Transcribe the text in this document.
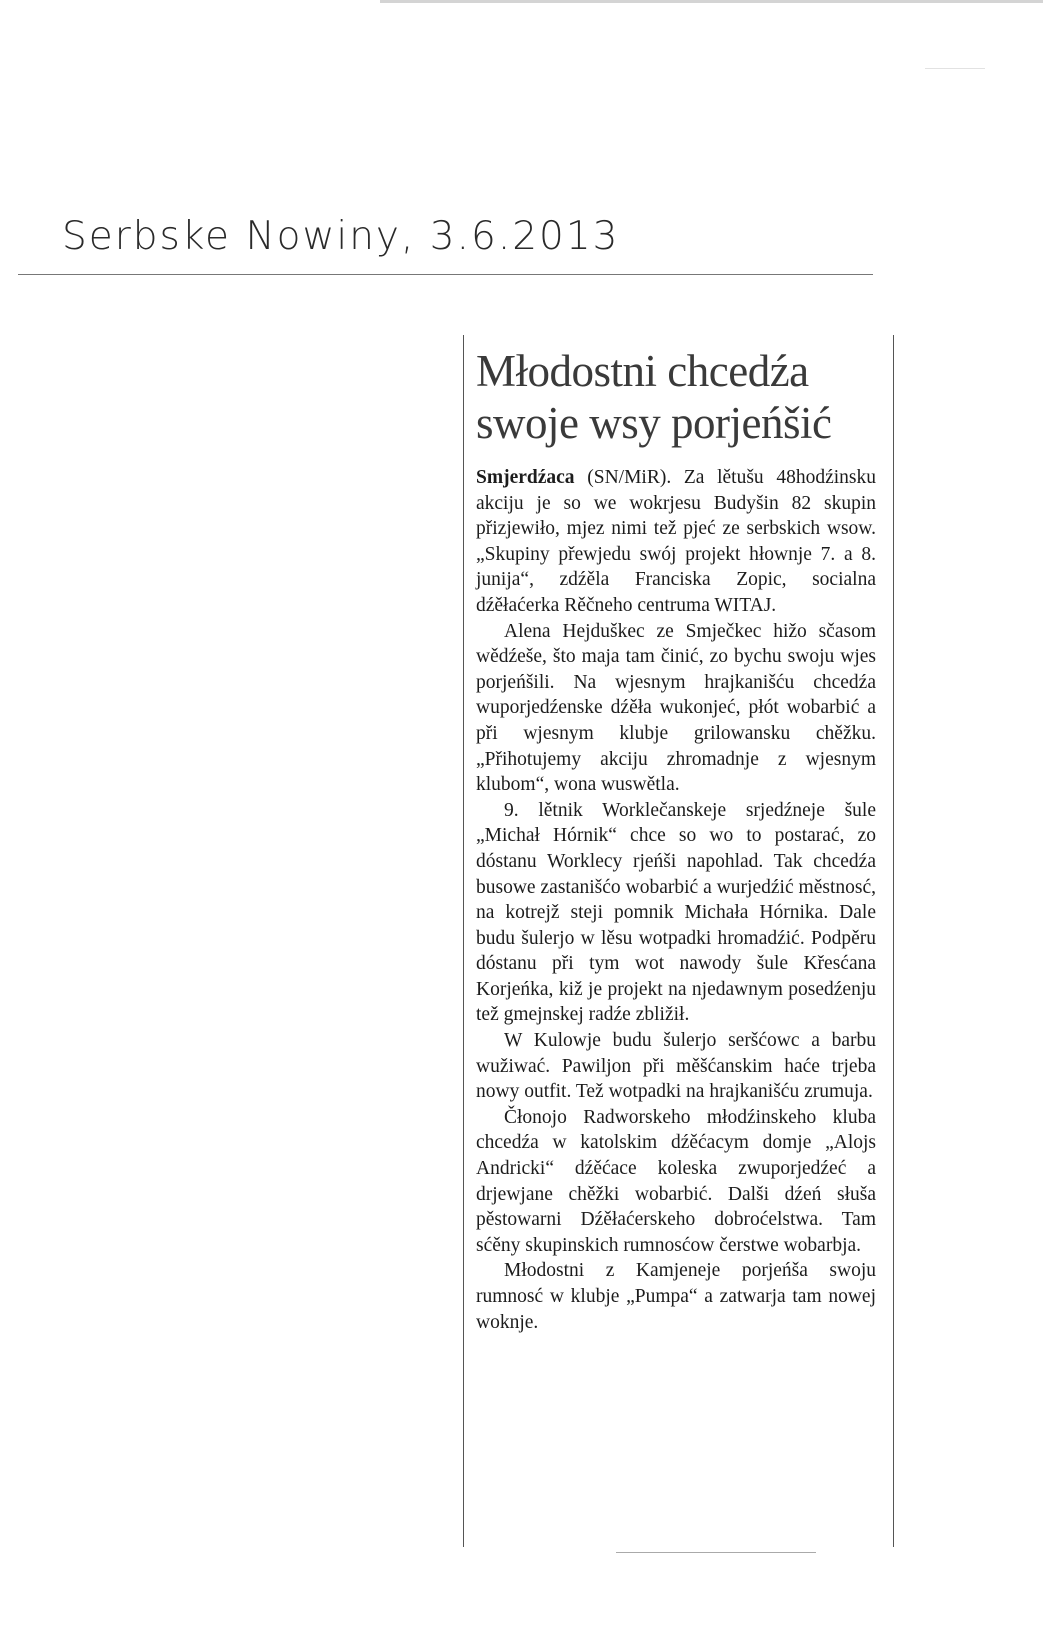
Serbske Nowiny, 3.6.2013
Młodostni chcedźa swoje wsy porjeńšić

Smjerdźaca (SN/MiR). Za lětušu 48hodźinsku akciju je so we wokrjesu Budyšin 82 skupin přizjewiło, mjez nimi tež pjeć ze serbskich wsow. „Skupiny přewjedu swój projekt hłownje 7. a 8. junija“, zdźěla Franciska Zopic, socialna dźěłaćerka Rěčneho centruma WITAJ.

Alena Hejduškec ze Smječkec hižo sčasom wědźeše, što maja tam činić, zo bychu swoju wjes porjeńšili. Na wjesnym hrajkanišću chcedźa wuporjedźenske dźěła wukonjeć, płót wobarbić a při wjesnym klubje grilowansku chěžku. „Přihotujemy akciju zhromadnje z wjesnym klubom“, wona wuswětla.

9. lětnik Worklečanskeje srjedźneje šule „Michał Hórnik“ chce so wo to postarać, zo dóstanu Worklecy rjeńši napohlad. Tak chcedźa busowe zastanišćo wobarbić a wurjedźić městnosć, na kotrejž steji pomnik Michała Hórnika. Dale budu šulerjo w lěsu wotpadki hromadźić. Podpěru dóstanu při tym wot nawody šule Křesćana Korjeńka, kiž je projekt na njedawnym posedźenju tež gmejnskej radźe zbližił.

W Kulowje budu šulerjo seršćowc a barbu wužiwać. Pawiljon při měšćanskim haće trjeba nowy outfit. Tež wotpadki na hrajkanišću zrumuja.

Čłonojo Radworskeho młodźinskeho kluba chcedźa w katolskim dźěćacym domje „Alojs Andricki“ dźěćace koleska zwuporjedźeć a drjewjane chěžki wobarbić. Dalši dźeń słuša pěstowarni Dźěłaćerskeho dobroćelstwa. Tam sćěny skupinskich rumnosćow čerstwe wobarbja.

Młodostni z Kamjeneje porjeńša swoju rumnosć w klubje „Pumpa“ a zatwarja tam nowej woknje.
